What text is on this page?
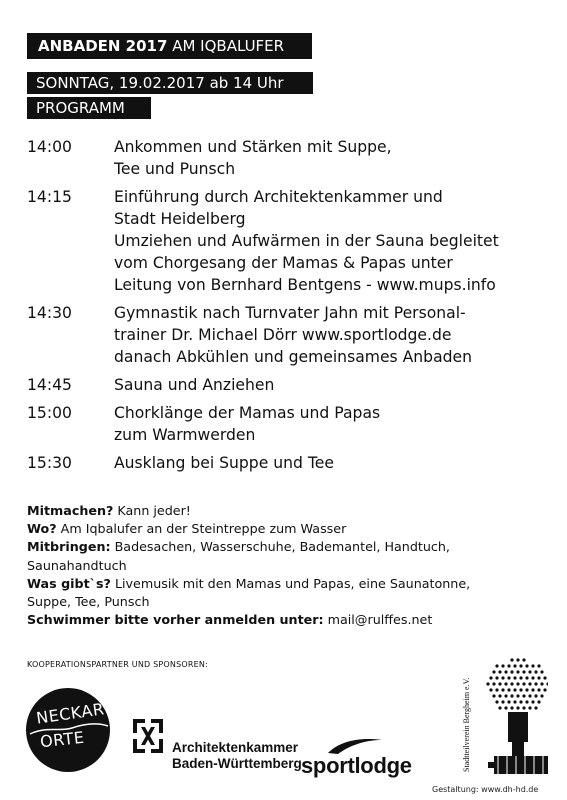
ANBADEN 2017 AM IQBALUFER
SONNTAG, 19.02.2017 ab 14 Uhr
PROGRAMM
14:00	Ankommen und Stärken mit Suppe,
Tee und Punsch
14:15	Einführung durch Architektenkammer und
Stadt Heidelberg
Umziehen und Aufwärmen in der Sauna begleitet
vom Chorgesang der Mamas & Papas unter
Leitung von Bernhard Bentgens - www.mups.info
14:30	Gymnastik nach Turnvater Jahn mit Personal-
trainer Dr. Michael Dörr www.sportlodge.de
danach Abkühlen und gemeinsames Anbaden
14:45	Sauna und Anziehen
15:00	Chorklänge der Mamas und Papas
zum Warmwerden
15:30	Ausklang bei Suppe und Tee
Mitmachen? Kann jeder!
Wo? Am Iqbalufer an der Steintreppe zum Wasser
Mitbringen: Badesachen, Wasserschuhe, Bademantel, Handtuch,
Saunahandtuch
Was gibt`s? Livemusik mit den Mamas und Papas, eine Saunatonne,
Suppe, Tee, Punsch
Schwimmer bitte vorher anmelden unter: mail@rulffes.net
KOOPERATIONSPARTNER UND SPONSOREN:
NECKAR
ORTE	Architektenkammer
Baden-Württemberg sportlodge	Stadtteilverein Bergheim e.V.
Gestaltung: www.dh-hd.de
